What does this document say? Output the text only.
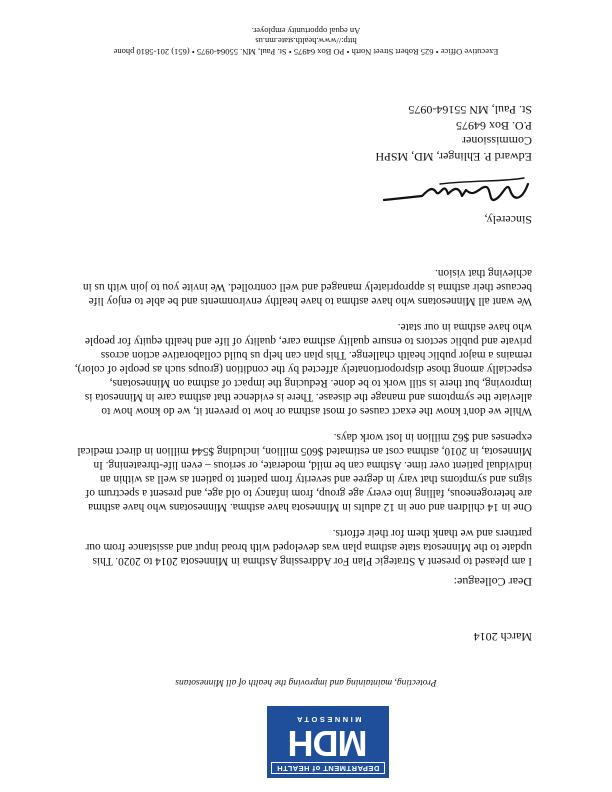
DEPARTMENT of HEALTH
MDH
MINNESOTA
Protecting, maintaining and improving the health of all Minnesotans
March 2014
Dear Colleague:

I am pleased to present A Strategic Plan For Addressing Asthma in Minnesota 2014 to 2020. This update to the Minnesota state asthma plan was developed with broad input and assistance from our partners and we thank them for their efforts.

One in 14 children and one in 12 adults in Minnesota have asthma. Minnesotans who have asthma are heterogeneous, falling into every age group, from infancy to old age, and present a spectrum of signs and symptoms that vary in degree and severity from patient to patient as well as within an individual patient over time. Asthma can be mild, moderate, or serious – even life-threatening. In Minnesota, in 2010, asthma cost an estimated $605 million, including $544 million in direct medical expenses and $62 million in lost work days.

While we don't know the exact causes of most asthma or how to prevent it, we do know how to alleviate the symptoms and manage the disease. There is evidence that asthma care in Minnesota is improving, but there is still work to be done. Reducing the impact of asthma on Minnesotans, especially among those disproportionately affected by the condition (groups such as people of color), remains a major public health challenge. This plan can help us build collaborative action across private and public sectors to ensure quality asthma care, quality of life and health equity for people who have asthma in our state.

We want all Minnesotans who have asthma to have healthy environments and be able to enjoy life because their asthma is appropriately managed and well controlled. We invite you to join with us in achieving that vision.

Sincerely,
Edward P. Ehlinger, MD, MSPH
Commissioner
P.O. Box 64975
St. Paul, MN 55164-0975
Executive Office • 625 Robert Street North • PO Box 64975 • St. Paul, MN. 55064-0975 • (651) 201-5810 phone
http://www.health.state.mn.us
An equal opportunity employer.
